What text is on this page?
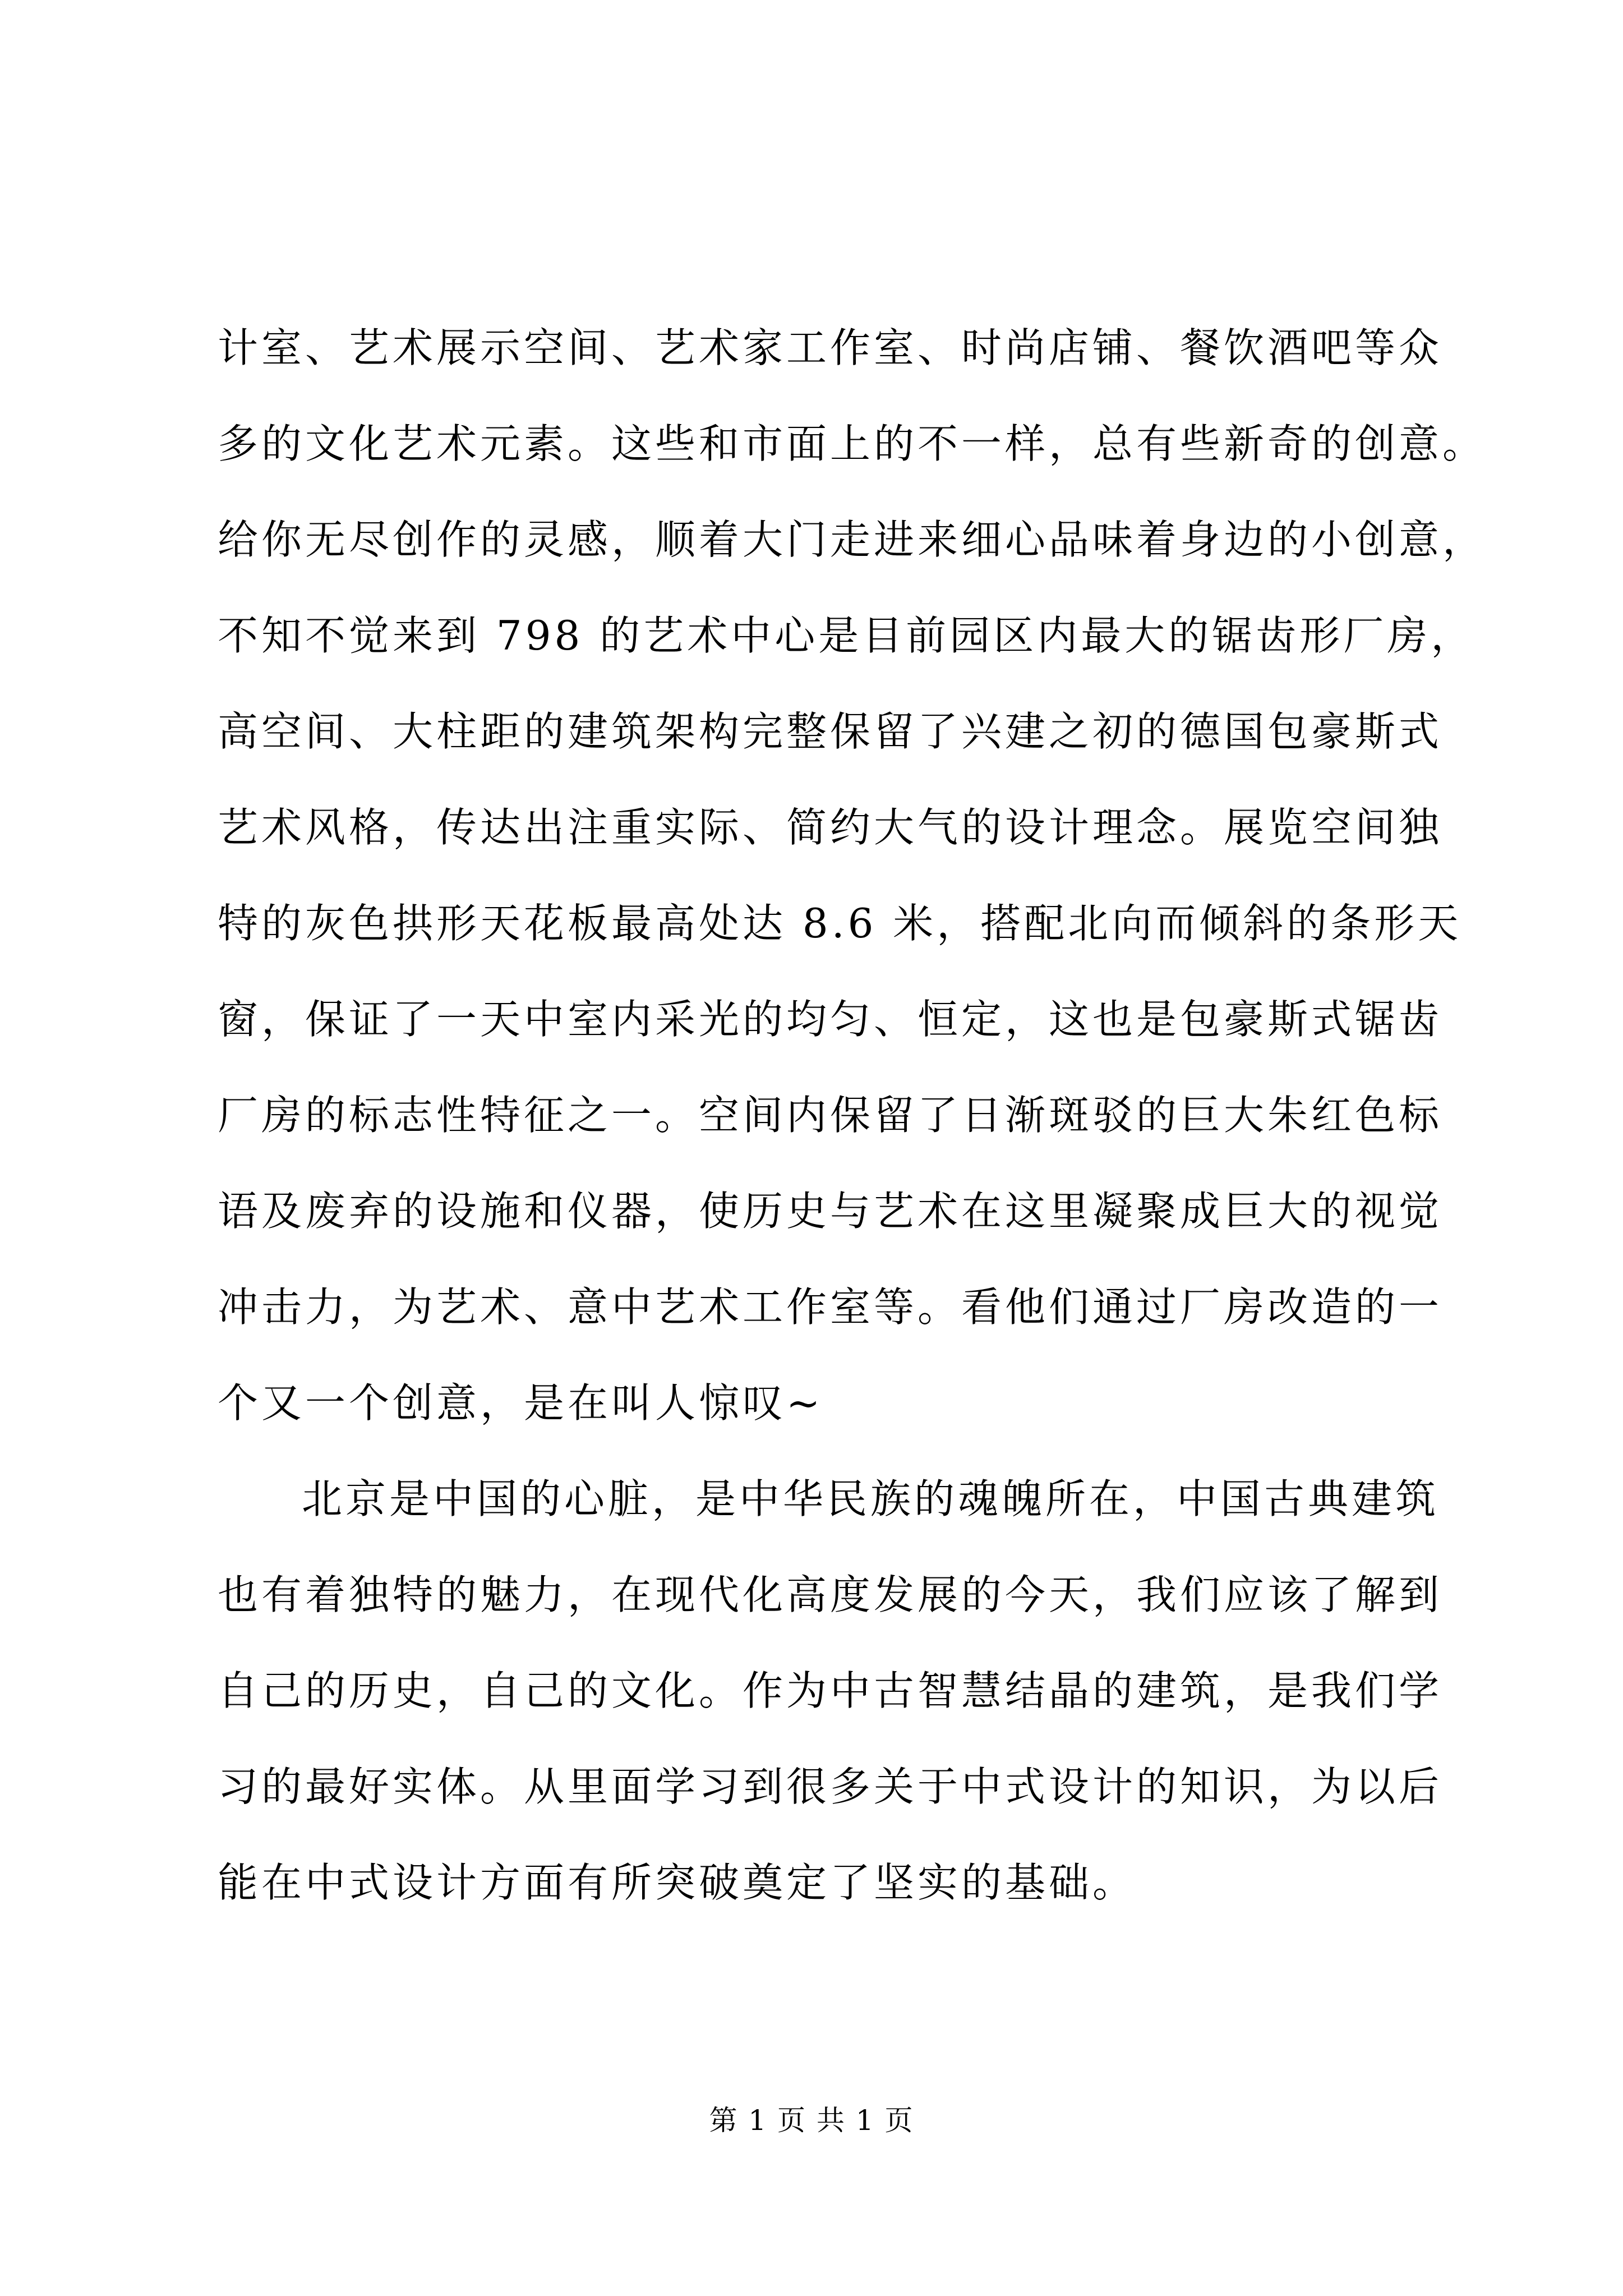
计室、艺术展示空间、艺术家工作室、时尚店铺、餐饮酒吧等众
多的文化艺术元素。这些和市面上的不一样，总有些新奇的创意。
给你无尽创作的灵感，顺着大门走进来细心品味着身边的小创意，
不知不觉来到 798 的艺术中心是目前园区内最大的锯齿形厂房，
高空间、大柱距的建筑架构完整保留了兴建之初的德国包豪斯式
艺术风格，传达出注重实际、简约大气的设计理念。展览空间独
特的灰色拱形天花板最高处达 8.6 米，搭配北向而倾斜的条形天
窗，保证了一天中室内采光的均匀、恒定，这也是包豪斯式锯齿
厂房的标志性特征之一。空间内保留了日渐斑驳的巨大朱红色标
语及废弃的设施和仪器，使历史与艺术在这里凝聚成巨大的视觉
冲击力，为艺术、意中艺术工作室等。看他们通过厂房改造的一
个又一个创意，是在叫人惊叹~
北京是中国的心脏，是中华民族的魂魄所在，中国古典建筑
也有着独特的魅力，在现代化高度发展的今天，我们应该了解到
自己的历史，自己的文化。作为中古智慧结晶的建筑，是我们学
习的最好实体。从里面学习到很多关于中式设计的知识，为以后
能在中式设计方面有所突破奠定了坚实的基础。
第 1 页 共 1 页
